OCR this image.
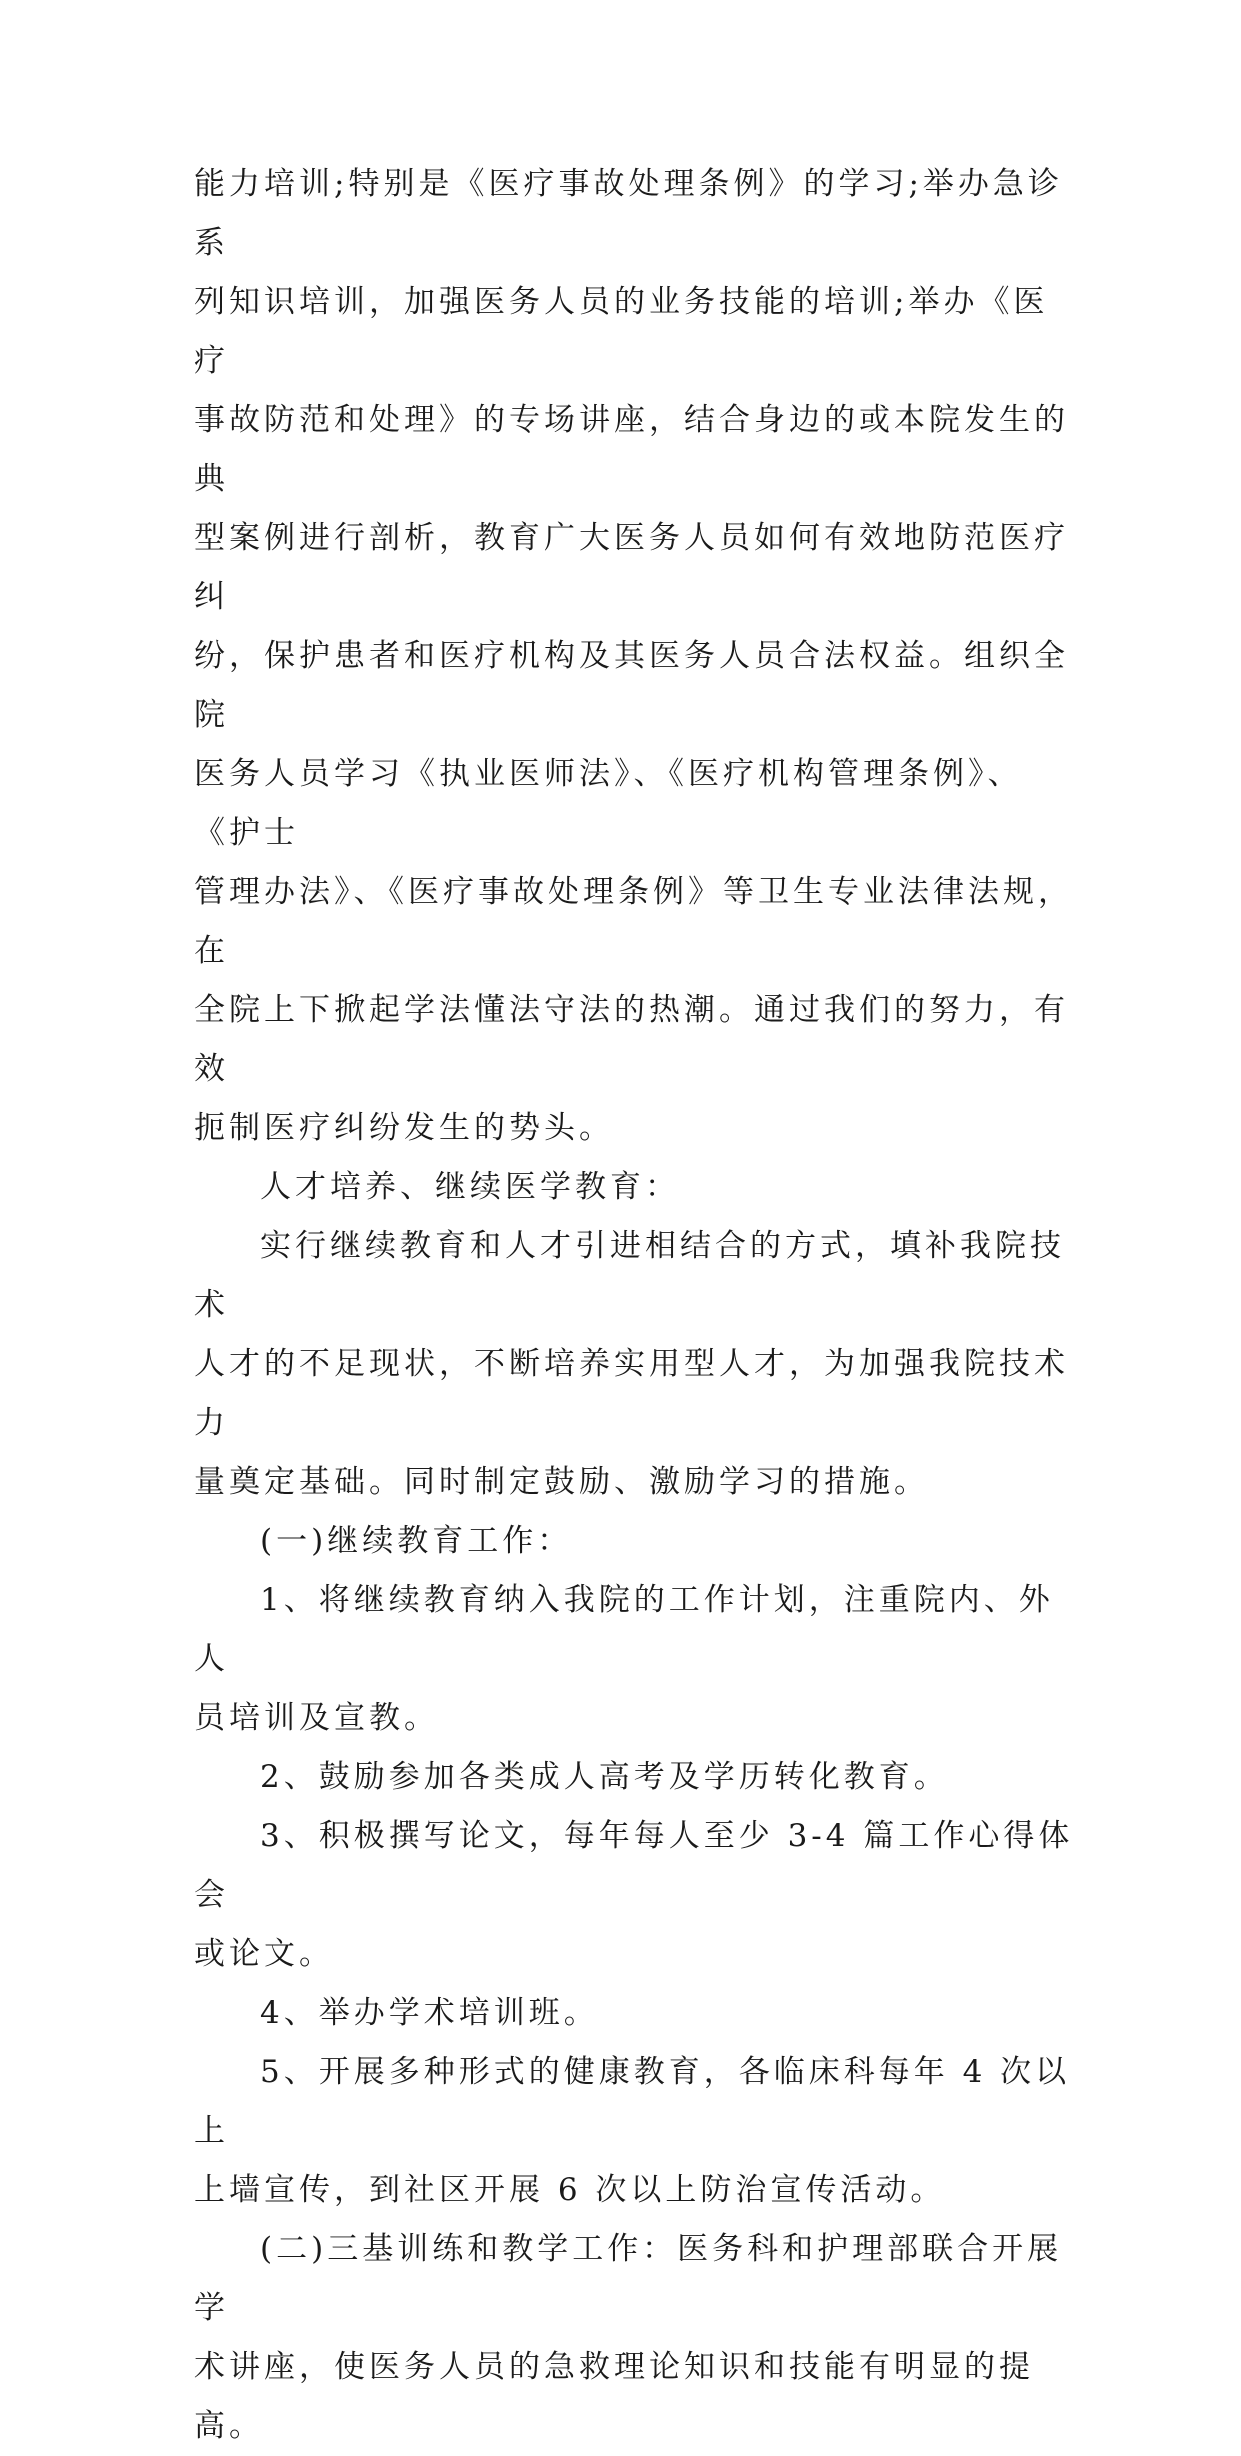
能力培训;特别是《医疗事故处理条例》的学习;举办急诊系
列知识培训，加强医务人员的业务技能的培训;举办《医疗
事故防范和处理》的专场讲座，结合身边的或本院发生的典
型案例进行剖析，教育广大医务人员如何有效地防范医疗纠
纷，保护患者和医疗机构及其医务人员合法权益。组织全院
医务人员学习《执业医师法》、《医疗机构管理条例》、《护士
管理办法》、《医疗事故处理条例》等卫生专业法律法规，在
全院上下掀起学法懂法守法的热潮。通过我们的努力，有效
扼制医疗纠纷发生的势头。

人才培养、继续医学教育：

实行继续教育和人才引进相结合的方式，填补我院技术
人才的不足现状，不断培养实用型人才，为加强我院技术力
量奠定基础。同时制定鼓励、激励学习的措施。

(一)继续教育工作：

1、将继续教育纳入我院的工作计划，注重院内、外人
员培训及宣教。

2、鼓励参加各类成人高考及学历转化教育。

3、积极撰写论文，每年每人至少 3-4 篇工作心得体会
或论文。

4、举办学术培训班。

5、开展多种形式的健康教育，各临床科每年 4 次以上
上墙宣传，到社区开展 6 次以上防治宣传活动。

(二)三基训练和教学工作：医务科和护理部联合开展学
术讲座，使医务人员的急救理论知识和技能有明显的提高。
